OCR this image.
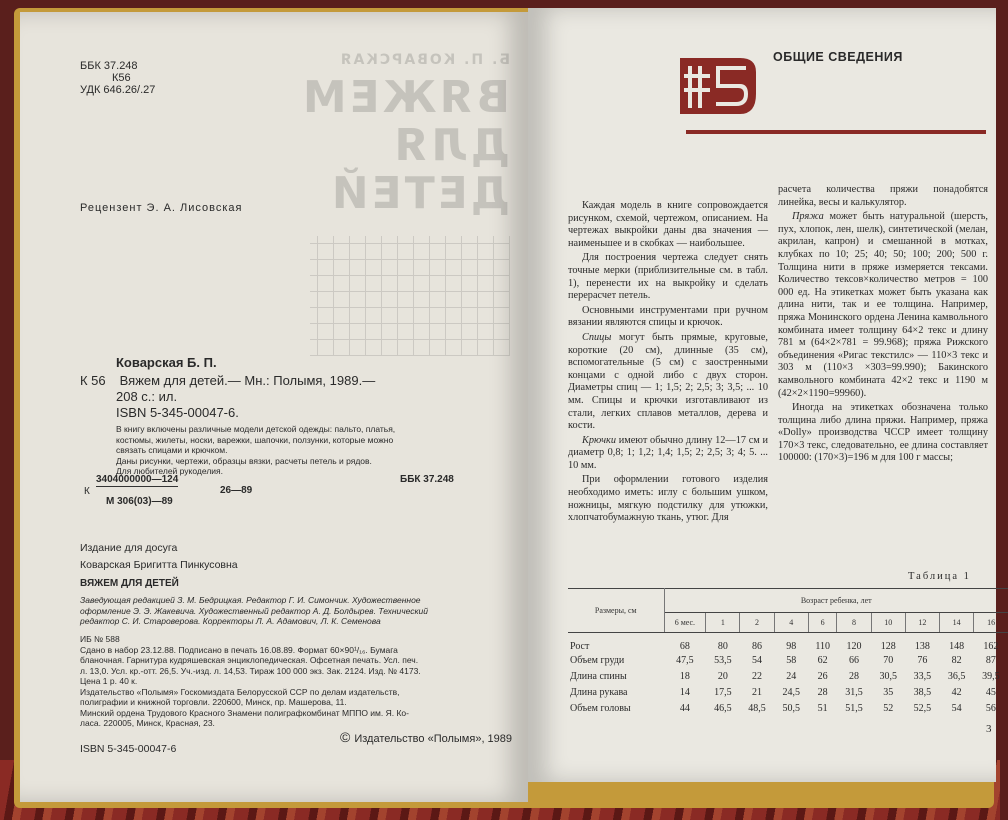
Б. П. КОВАРСКАЯ
ВЯЖЕМ
ДЛЯ
ДЕТЕЙ
ББК 37.248
К56
УДК 646.26/.27
Рецензент Э. А. Лисовская
Коварская Б. П.
К 56 Вяжем для детей.— Мн.: Полымя, 1989.—
208 с.: ил.
ISBN 5-345-00047-6.
В книгу включены различные модели детской одежды: пальто, платья,
костюмы, жилеты, носки, варежки, шапочки, ползунки, которые можно
связать спицами и крючком.
Даны рисунки, чертежи, образцы вязки, расчеты петель и рядов.
Для любителей рукоделия.
К
3404000000—124
М 306(03)—89
26—89
ББК 37.248
Издание для досуга
Коварская Бригитта Пинкусовна
ВЯЖЕМ ДЛЯ ДЕТЕЙ
Заведующая редакцией З. М. Бедрицкая. Редактор Г. И. Симончик. Художественное
оформление Э. Э. Жакевича. Художественный редактор А. Д. Болдырев. Технический
редактор С. И. Староверова. Корректоры Л. А. Адамович, Л. К. Семенова
ИБ № 588
Сдано в набор 23.12.88. Подписано в печать 16.08.89. Формат 60×90¹/₁₆. Бумага
бланочная. Гарнитура кудряшевская энциклопедическая. Офсетная печать. Усл. печ.
л. 13,0. Усл. кр.-отт. 26,5. Уч.-изд. л. 14,53. Тираж 100 000 экз. Зак. 2124. Изд. № 4173.
Цена 1 р. 40 к.
Издательство «Полымя» Госкомиздата Белорусской ССР по делам издательств,
полиграфии и книжной торговли. 220600, Минск, пр. Машерова, 11.
Минский ордена Трудового Красного Знамени полиграфкомбинат МППО им. Я. Ко-
ласа. 220005, Минск, Красная, 23.
ISBN 5-345-00047-6
© Издательство «Полымя», 1989
ОБЩИЕ СВЕДЕНИЯ

Каждая модель в книге сопровождается рисунком, схемой, чертежом, описанием. На чертежах выкройки даны два значения — наименьшее и в скобках — наибольшее.

Для построения чертежа следует снять точные мерки (приблизительные см. в табл. 1), перенести их на выкройку и сделать перерасчет петель.

Основными инструментами при ручном вязании являются спицы и крючок.

Спицы могут быть прямые, круговые, короткие (20 см), длинные (35 см), вспомогательные (5 см) с заостренными концами с одной либо с двух сторон. Диаметры спиц — 1; 1,5; 2; 2,5; 3; 3,5; ... 10 мм. Спицы и крючки изготавливают из стали, легких сплавов металлов, дерева и кости.

Крючки имеют обычно длину 12—17 см и диаметр 0,8; 1; 1,2; 1,4; 1,5; 2; 2,5; 3; 4; 5. ... 10 мм.

При оформлении готового изделия необходимо иметь: иглу с большим ушком, ножницы, мягкую подстилку для утюжки, хлопчатобумажную ткань, утюг. Для

расчета количества пряжи понадобятся линейка, весы и калькулятор.

Пряжа может быть натуральной (шерсть, пух, хлопок, лен, шелк), синтетической (мелан, акрилан, капрон) и смешанной в мотках, клубках по 10; 25; 40; 50; 100; 200; 500 г. Толщина нити в пряже измеряется тексами. Количество тексов×количество метров = 100 000 ед. На этикетках может быть указана как длина нити, так и ее толщина. Например, пряжа Монинского ордена Ленина камвольного комбината имеет толщину 64×2 текс и длину 781 м (64×2×781 = 99.968); пряжа Рижского объединения «Ригас текстилс» — 110×3 текс и 303 м (110×3 ×303=99.990); Бакинского камвольного комбината 42×2 текс и 1190 м (42×2×1190=99960).

Иногда на этикетках обозначена только толщина либо длина пряжи. Например, пряжа «Dolly» производства ЧССР имеет толщину 170×3 текс, следовательно, ее длина составляет 100000: (170×3)=196 м для 100 г массы;

Таблица 1
Размеры, см	Возраст ребенка, лет									
	6 мес.	1	2	4	6	8	10	12	14	16
Рост	68	80	86	98	110	120	128	138	148	162
Объем груди	47,5	53,5	54	58	62	66	70	76	82	87
Длина спины	18	20	22	24	26	28	30,5	33,5	36,5	39,5
Длина рукава	14	17,5	21	24,5	28	31,5	35	38,5	42	45
Объем головы	44	46,5	48,5	50,5	51	51,5	52	52,5	54	56
3
